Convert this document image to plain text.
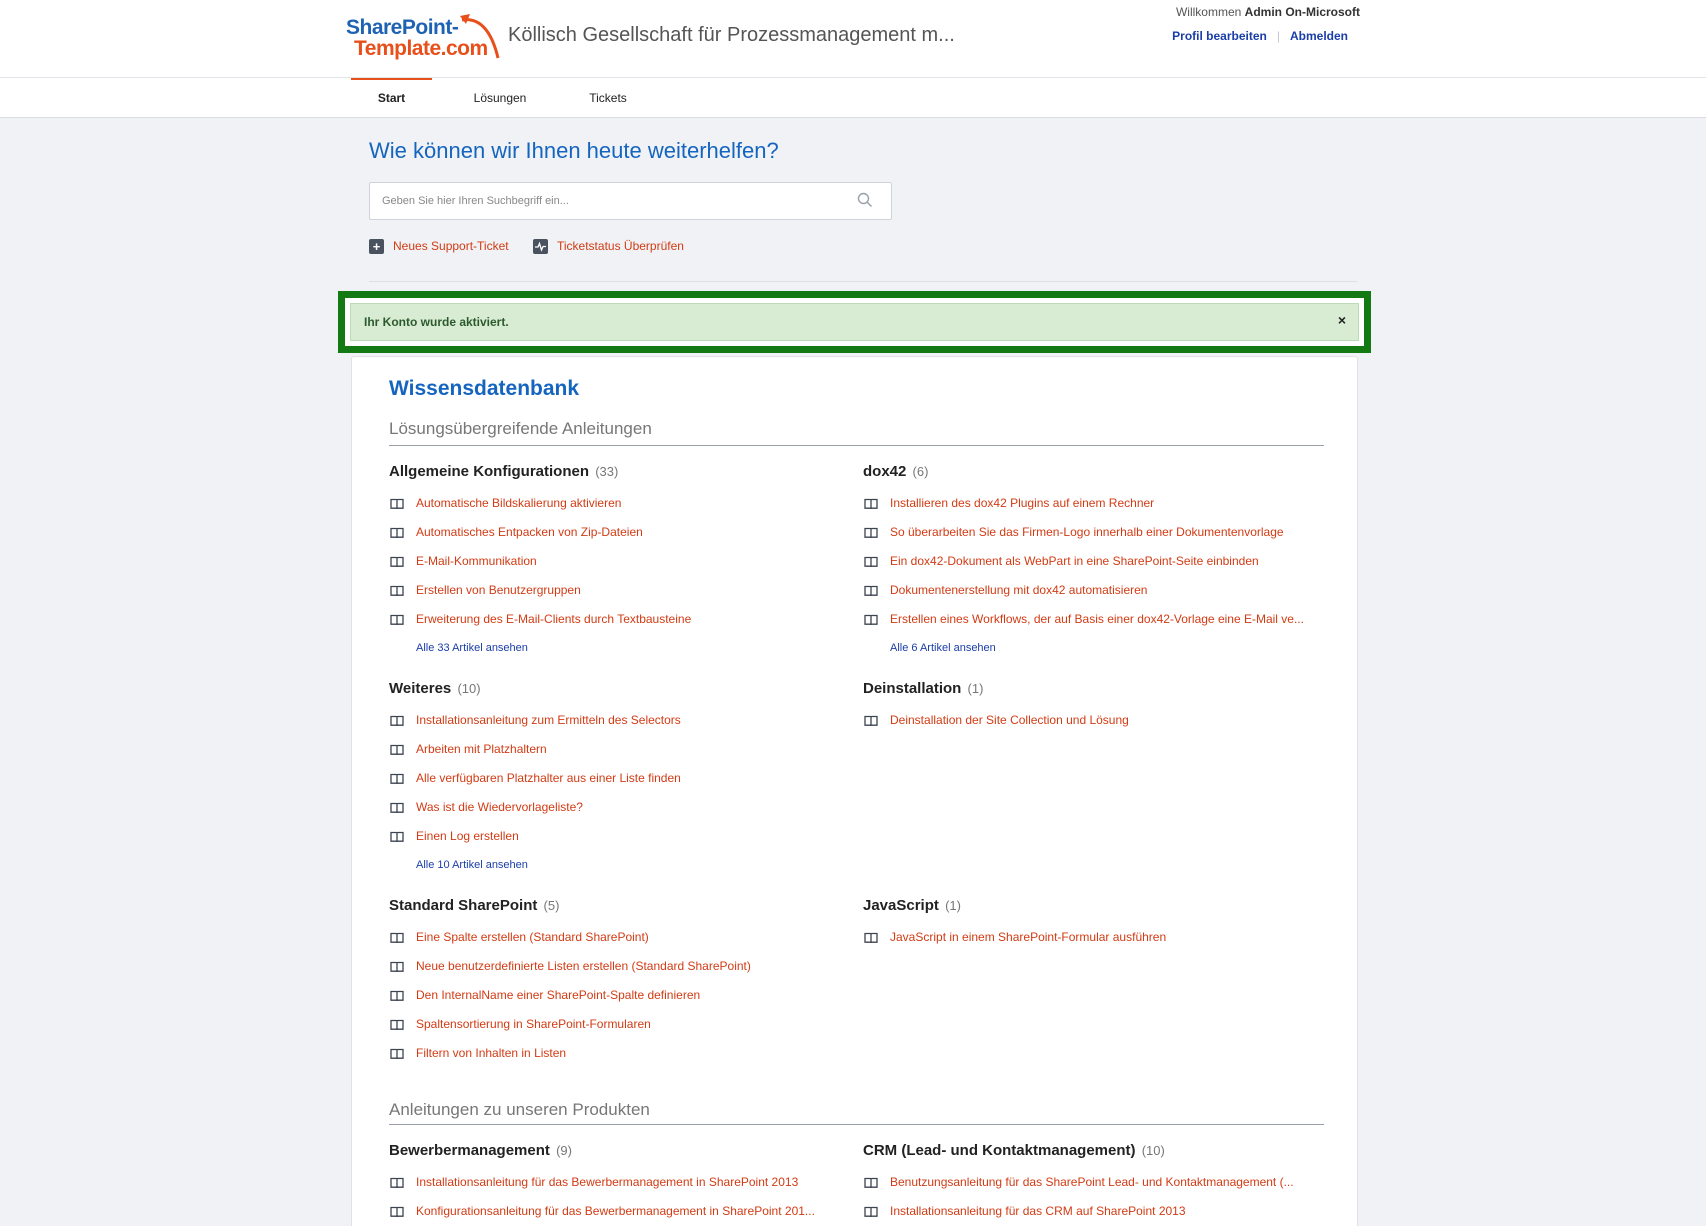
SharePoint-
Template.com
Köllisch Gesellschaft für Prozessmanagement m...
Willkommen Admin On-Microsoft
Profil bearbeiten | Abmelden
Start	Lösungen	Tickets
Wie können wir Ihnen heute weiterhelfen?
Geben Sie hier Ihren Suchbegriff ein...
+	Neues Support-Ticket	Ticketstatus Überprüfen
Ihr Konto wurde aktiviert.	×
Wissensdatenbank
Lösungsübergreifende Anleitungen
Allgemeine Konfigurationen (33)
Automatische Bildskalierung aktivieren
Automatisches Entpacken von Zip-Dateien
E-Mail-Kommunikation
Erstellen von Benutzergruppen
Erweiterung des E-Mail-Clients durch Textbausteine
Alle 33 Artikel ansehen
dox42 (6)
Installieren des dox42 Plugins auf einem Rechner
So überarbeiten Sie das Firmen-Logo innerhalb einer Dokumentenvorlage
Ein dox42-Dokument als WebPart in eine SharePoint-Seite einbinden
Dokumentenerstellung mit dox42 automatisieren
Erstellen eines Workflows, der auf Basis einer dox42-Vorlage eine E-Mail ve...
Alle 6 Artikel ansehen
Weiteres (10)
Installationsanleitung zum Ermitteln des Selectors
Arbeiten mit Platzhaltern
Alle verfügbaren Platzhalter aus einer Liste finden
Was ist die Wiedervorlageliste?
Einen Log erstellen
Alle 10 Artikel ansehen
Deinstallation (1)
Deinstallation der Site Collection und Lösung
Standard SharePoint (5)
Eine Spalte erstellen (Standard SharePoint)
Neue benutzerdefinierte Listen erstellen (Standard SharePoint)
Den InternalName einer SharePoint-Spalte definieren
Spaltensortierung in SharePoint-Formularen
Filtern von Inhalten in Listen
JavaScript (1)
JavaScript in einem SharePoint-Formular ausführen
Anleitungen zu unseren Produkten
Bewerbermanagement (9)
Installationsanleitung für das Bewerbermanagement in SharePoint 2013
Konfigurationsanleitung für das Bewerbermanagement in SharePoint 201...
CRM (Lead- und Kontaktmanagement) (10)
Benutzungsanleitung für das SharePoint Lead- und Kontaktmanagement (...
Installationsanleitung für das CRM auf SharePoint 2013
